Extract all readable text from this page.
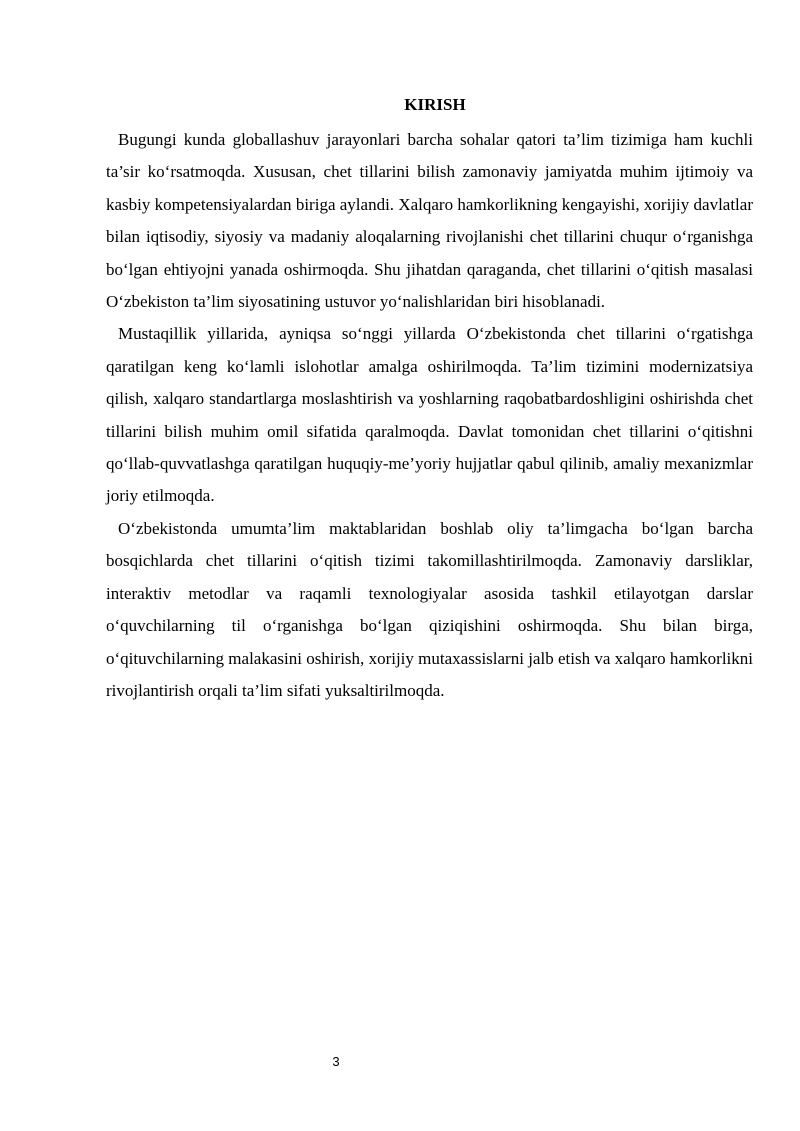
KIRISH

Bugungi kunda globallashuv jarayonlari barcha sohalar qatori ta’lim tizimiga ham kuchli ta’sir ko‘rsatmoqda. Xususan, chet tillarini bilish zamonaviy jamiyatda muhim ijtimoiy va kasbiy kompetensiyalardan biriga aylandi. Xalqaro hamkorlikning kengayishi, xorijiy davlatlar bilan iqtisodiy, siyosiy va madaniy aloqalarning rivojlanishi chet tillarini chuqur o‘rganishga bo‘lgan ehtiyojni yanada oshirmoqda. Shu jihatdan qaraganda, chet tillarini o‘qitish masalasi O‘zbekiston ta’lim siyosatining ustuvor yo‘nalishlaridan biri hisoblanadi.

Mustaqillik yillarida, ayniqsa so‘nggi yillarda O‘zbekistonda chet tillarini o‘rgatishga qaratilgan keng ko‘lamli islohotlar amalga oshirilmoqda. Ta’lim tizimini modernizatsiya qilish, xalqaro standartlarga moslashtirish va yoshlarning raqobatbardoshligini oshirishda chet tillarini bilish muhim omil sifatida qaralmoqda. Davlat tomonidan chet tillarini o‘qitishni qo‘llab-quvvatlashga qaratilgan huquqiy-me’yoriy hujjatlar qabul qilinib, amaliy mexanizmlar joriy etilmoqda.

O‘zbekistonda umumta’lim maktablaridan boshlab oliy ta’limgacha bo‘lgan barcha bosqichlarda chet tillarini o‘qitish tizimi takomillashtirilmoqda. Zamonaviy darsliklar, interaktiv metodlar va raqamli texnologiyalar asosida tashkil etilayotgan darslar o‘quvchilarning til o‘rganishga bo‘lgan qiziqishini oshirmoqda. Shu bilan birga, o‘qituvchilarning malakasini oshirish, xorijiy mutaxassislarni jalb etish va xalqaro hamkorlikni rivojlantirish orqali ta’lim sifati yuksaltirilmoqda.

3
